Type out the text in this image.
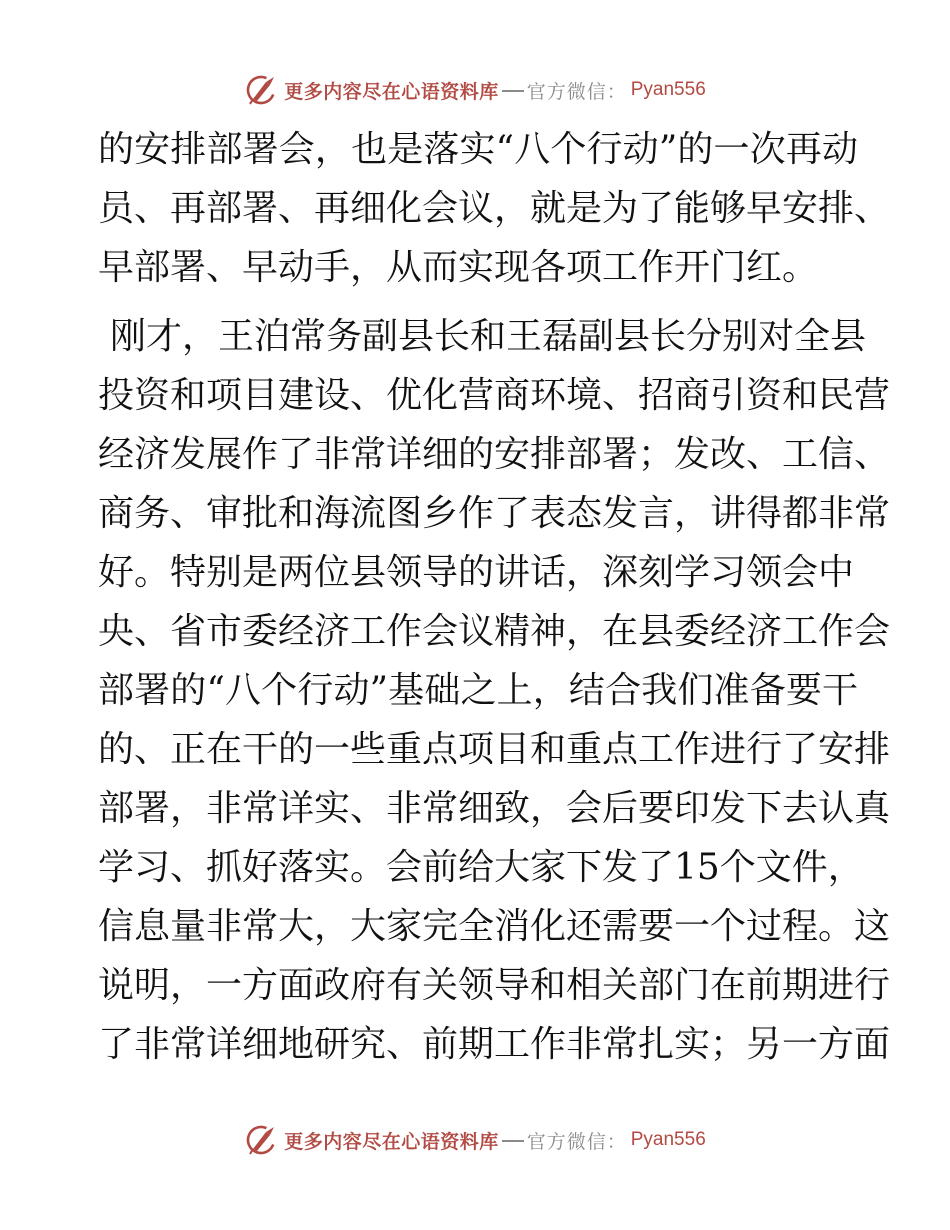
更多内容尽在心语资料库 官方微信： Pyan556
的安排部署会，也是落实“八个行动”的一次再动
员、再部署、再细化会议，就是为了能够早安排、
早部署、早动手，从而实现各项工作开门红。
刚才，王泊常务副县长和王磊副县长分别对全县
投资和项目建设、优化营商环境、招商引资和民营
经济发展作了非常详细的安排部署；发改、工信、
商务、审批和海流图乡作了表态发言，讲得都非常
好。特别是两位县领导的讲话，深刻学习领会中
央、省市委经济工作会议精神，在县委经济工作会
部署的“八个行动”基础之上，结合我们准备要干
的、正在干的一些重点项目和重点工作进行了安排
部署，非常详实、非常细致，会后要印发下去认真
学习、抓好落实。会前给大家下发了15个文件，
信息量非常大，大家完全消化还需要一个过程。这
说明，一方面政府有关领导和相关部门在前期进行
了非常详细地研究、前期工作非常扎实；另一方面
更多内容尽在心语资料库 官方微信： Pyan556
